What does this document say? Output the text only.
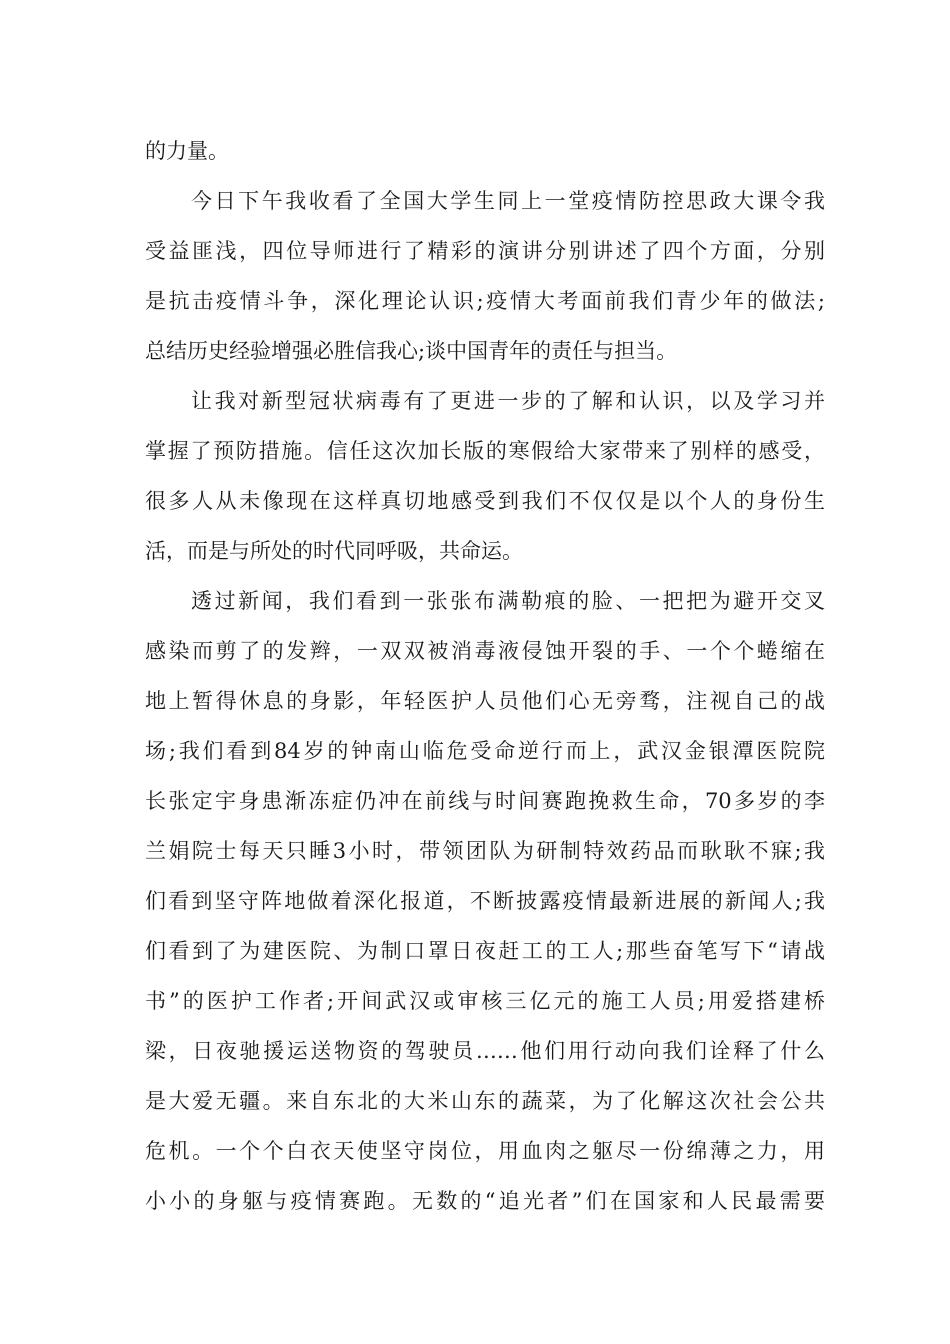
的力量。
今日下午我收看了全国大学生同上一堂疫情防控思政大课令我
受益匪浅，四位导师进行了精彩的演讲分别讲述了四个方面，分别
是抗击疫情斗争，深化理论认识;疫情大考面前我们青少年的做法;
总结历史经验增强必胜信我心;谈中国青年的责任与担当。
让我对新型冠状病毒有了更进一步的了解和认识，以及学习并
掌握了预防措施。信任这次加长版的寒假给大家带来了别样的感受，
很多人从未像现在这样真切地感受到我们不仅仅是以个人的身份生
活，而是与所处的时代同呼吸，共命运。
透过新闻，我们看到一张张布满勒痕的脸、一把把为避开交叉
感染而剪了的发辫，一双双被消毒液侵蚀开裂的手、一个个蜷缩在
地上暂得休息的身影，年轻医护人员他们心无旁骛，注视自己的战
场;我们看到84岁的钟南山临危受命逆行而上，武汉金银潭医院院
长张定宇身患渐冻症仍冲在前线与时间赛跑挽救生命，70多岁的李
兰娟院士每天只睡3小时，带领团队为研制特效药品而耿耿不寐;我
们看到坚守阵地做着深化报道，不断披露疫情最新进展的新闻人;我
们看到了为建医院、为制口罩日夜赶工的工人;那些奋笔写下“请战
书”的医护工作者;开间武汉或审核三亿元的施工人员;用爱搭建桥
梁，日夜驰援运送物资的驾驶员……他们用行动向我们诠释了什么
是大爱无疆。来自东北的大米山东的蔬菜，为了化解这次社会公共
危机。一个个白衣天使坚守岗位，用血肉之躯尽一份绵薄之力，用
小小的身躯与疫情赛跑。无数的“追光者”们在国家和人民最需要
